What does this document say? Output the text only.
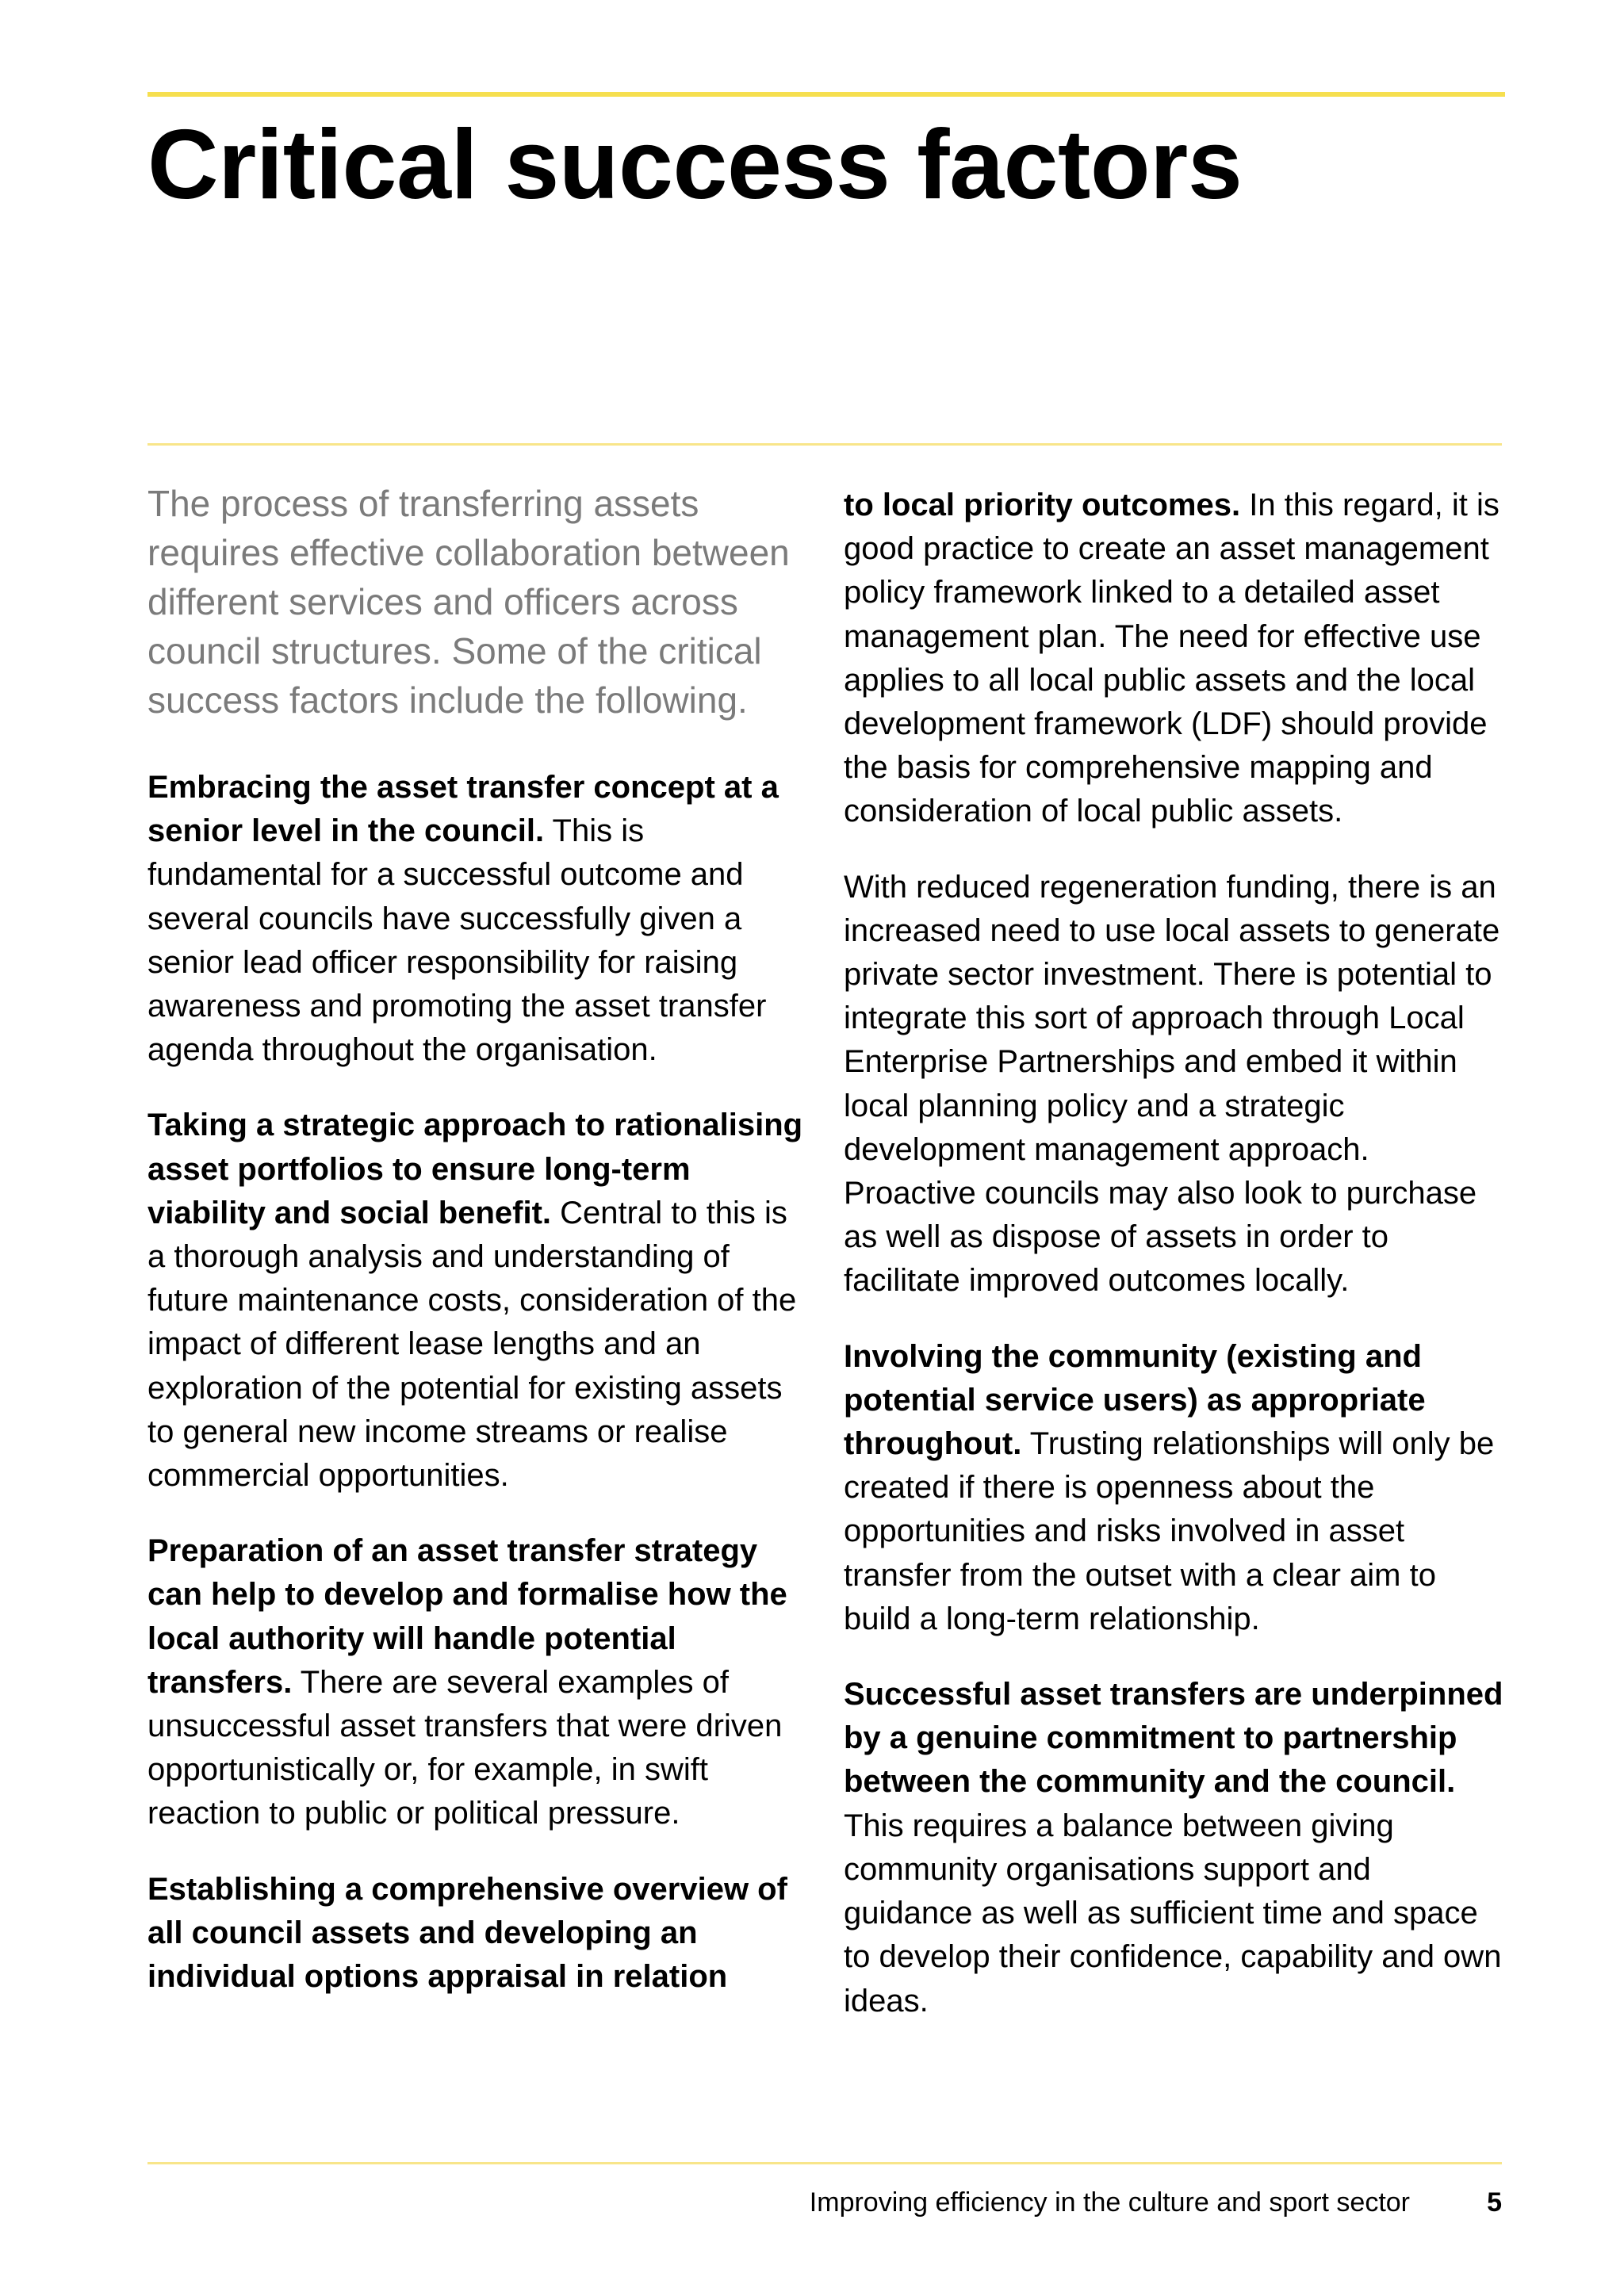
Critical success factors

The process of transferring assets requires effective collaboration between different services and officers across council structures. Some of the critical success factors include the following.

Embracing the asset transfer concept at a senior level in the council. This is fundamental for a successful outcome and several councils have successfully given a senior lead officer responsibility for raising awareness and promoting the asset transfer agenda throughout the organisation.

Taking a strategic approach to rationalising asset portfolios to ensure long-term viability and social benefit. Central to this is a thorough analysis and understanding of future maintenance costs, consideration of the impact of different lease lengths and an exploration of the potential for existing assets to general new income streams or realise commercial opportunities.

Preparation of an asset transfer strategy can help to develop and formalise how the local authority will handle potential transfers. There are several examples of unsuccessful asset transfers that were driven opportunistically or, for example, in swift reaction to public or political pressure.

Establishing a comprehensive overview of all council assets and developing an individual options appraisal in relation

to local priority outcomes. In this regard, it is good practice to create an asset management policy framework linked to a detailed asset management plan. The need for effective use applies to all local public assets and the local development framework (LDF) should provide the basis for comprehensive mapping and consideration of local public assets.

With reduced regeneration funding, there is an increased need to use local assets to generate private sector investment. There is potential to integrate this sort of approach through Local Enterprise Partnerships and embed it within local planning policy and a strategic development management approach. Proactive councils may also look to purchase as well as dispose of assets in order to facilitate improved outcomes locally.

Involving the community (existing and potential service users) as appropriate throughout. Trusting relationships will only be created if there is openness about the opportunities and risks involved in asset transfer from the outset with a clear aim to build a long-term relationship.

Successful asset transfers are underpinned by a genuine commitment to partnership between the community and the council. This requires a balance between giving community organisations support and guidance as well as sufficient time and space to develop their confidence, capability and own ideas.

Improving efficiency in the culture and sport sector	5
